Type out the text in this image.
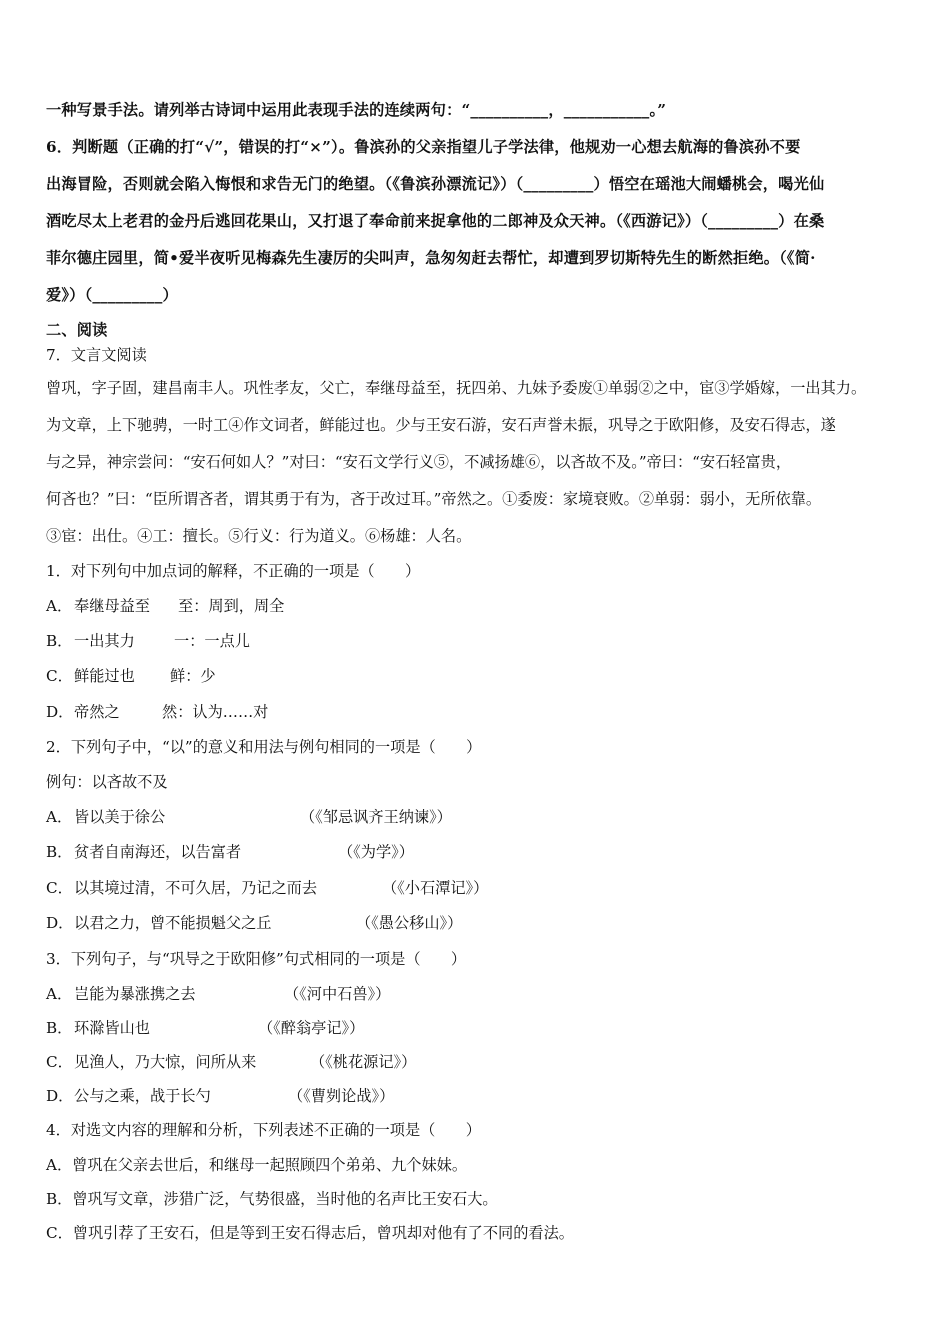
一种写景手法。请列举古诗词中运用此表现手法的连续两句：“__________，___________。”
6．判断题（正确的打“√”，错误的打“×”）。鲁滨孙的父亲指望儿子学法律，他规劝一心想去航海的鲁滨孙不要
出海冒险，否则就会陷入悔恨和求告无门的绝望。（《鲁滨孙漂流记》）（_________）悟空在瑶池大闹蟠桃会，喝光仙
酒吃尽太上老君的金丹后逃回花果山，又打退了奉命前来捉拿他的二郎神及众天神。（《西游记》）（_________）在桑
菲尔德庄园里，简•爱半夜听见梅森先生凄厉的尖叫声，急匆匆赶去帮忙，却遭到罗切斯特先生的断然拒绝。（《简·
爱》）（_________）
二、阅读
7．文言文阅读
曾巩，字子固，建昌南丰人。巩性孝友，父亡，奉继母益至，抚四弟、九妹予委废①单弱②之中，宦③学婚嫁，一出其力。
为文章，上下驰骋，一时工④作文词者，鲜能过也。少与王安石游，安石声誉未振，巩导之于欧阳修，及安石得志，遂
与之异，神宗尝问：“安石何如人？”对曰：“安石文学行义⑤，不减扬雄⑥，以吝故不及。”帝曰：“安石轻富贵，
何吝也？”曰：“臣所谓吝者，谓其勇于有为，吝于改过耳。”帝然之。①委废：家境衰败。②单弱：弱小，无所依靠。
③宦：出仕。④工：擅长。⑤行义：行为道义。⑥杨雄：人名。
1．对下列句中加点词的解释，不正确的一项是（　　）
A． 奉继母益至 至：周到，周全
B． 一出其力	一：一点儿
C．鲜能过也 鲜：少
D．帝然之	然：认为……对
2．下列句子中，“以”的意义和用法与例句相同的一项是（　　）
例句：以吝故不及
A． 皆以美于徐公	（《邹忌讽齐王纳谏》）
B． 贫者自南海还，以告富者	（《为学》）
C．以其境过清，不可久居，乃记之而去	（《小石潭记》）
D．以君之力，曾不能损魁父之丘	（《愚公移山》）
3．下列句子，与“巩导之于欧阳修”句式相同的一项是（　　）
A． 岂能为暴涨携之去	（《河中石兽》）
B． 环滁皆山也	（《醉翁亭记》）
C．见渔人，乃大惊，问所从来	（《桃花源记》）
D．公与之乘，战于长勺	（《曹刿论战》）
4．对选文内容的理解和分析，下列表述不正确的一项是（　　）
A．曾巩在父亲去世后，和继母一起照顾四个弟弟、九个妹妹。
B．曾巩写文章，涉猎广泛，气势很盛，当时他的名声比王安石大。
C．曾巩引荐了王安石，但是等到王安石得志后，曾巩却对他有了不同的看法。
